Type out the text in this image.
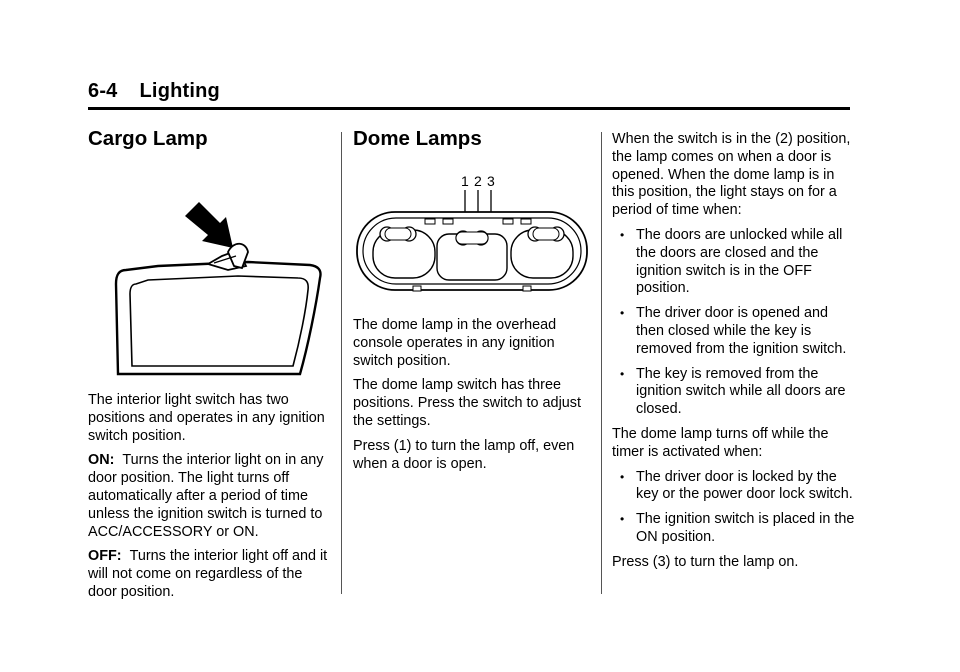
6-4 Lighting
Cargo Lamp

The interior light switch has two positions and operates in any ignition switch position.

ON: Turns the interior light on in any door position. The light turns off automatically after a period of time unless the ignition switch is turned to ACC/ACCESSORY or ON.

OFF: Turns the interior light off and it will not come on regardless of the door position.

Dome Lamps
1 2 3

The dome lamp in the overhead console operates in any ignition switch position.

The dome lamp switch has three positions. Press the switch to adjust the settings.

Press (1) to turn the lamp off, even when a door is open.

When the switch is in the (2) position, the lamp comes on when a door is opened. When the dome lamp is in this position, the light stays on for a period of time when:

• The doors are unlocked while all the doors are closed and the ignition switch is in the OFF position.
• The driver door is opened and then closed while the key is removed from the ignition switch.
• The key is removed from the ignition switch while all doors are closed.

The dome lamp turns off while the timer is activated when:

• The driver door is locked by the key or the power door lock switch.
• The ignition switch is placed in the ON position.

Press (3) to turn the lamp on.
